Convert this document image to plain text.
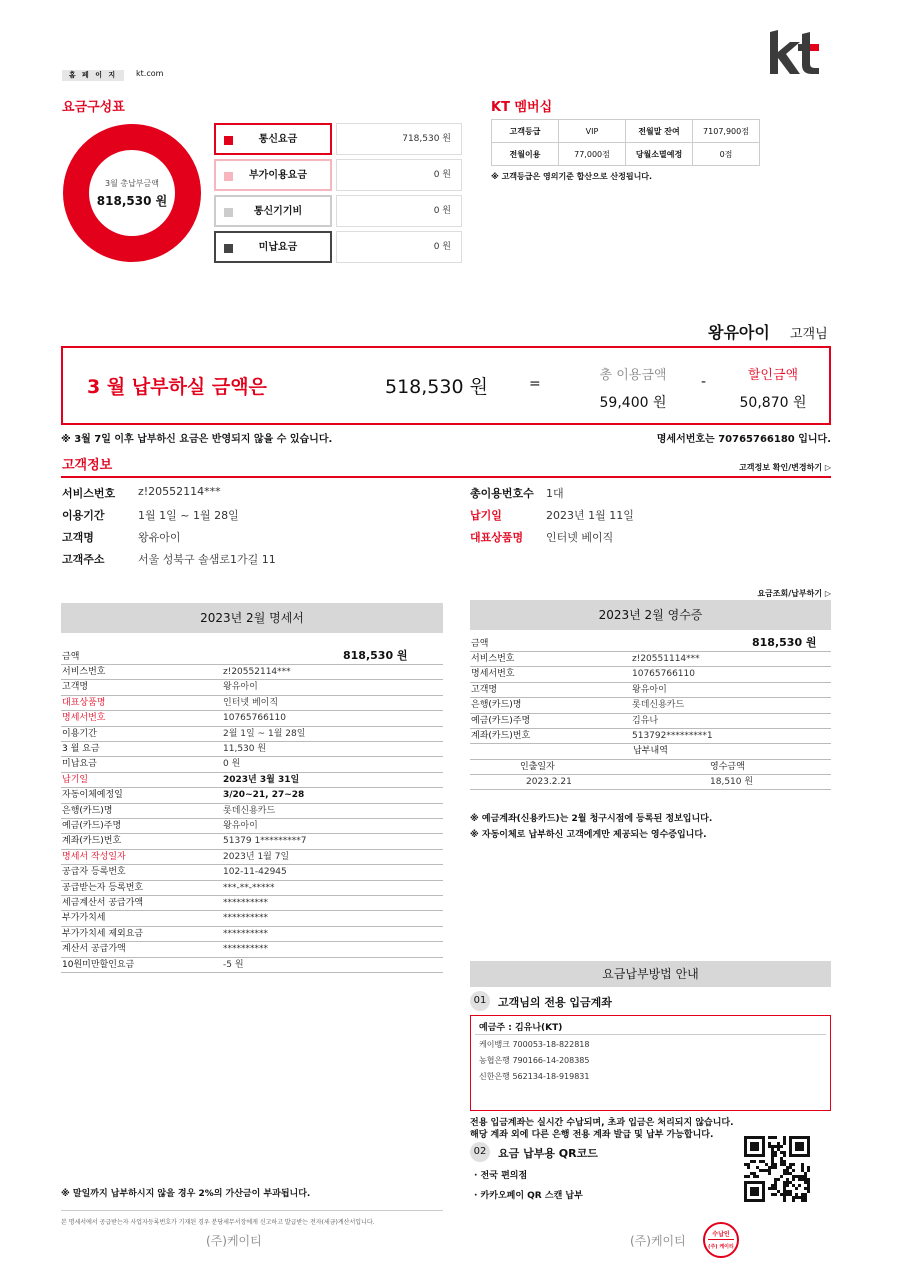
홈 페 이 지	kt.com
요금구성표
3월 총납부금액
818,530 원
통신요금	718,530 원
부가이용요금	0 원
통신기기비	0 원
미납요금	0 원
KT 멤버십
고객등급	VIP	전월말 잔여	7107,900점
전월이용	77,000점	당월소멸예정	0점
※ 고객등급은 영의기준 합산으로 산정됩니다.
왕유아이 고객님
3 월 납부하실 금액은	518,530 원	=
총 이용금액
59,400 원
-	할인금액
50,870 원
※ 3월 7일 이후 납부하신 요금은 반영되지 않을 수 있습니다.	명세서번호는 70765766180 입니다.
고객정보	고객정보 확인/변경하기 ▷
서비스번호 z!20552114***
이용기간	1월 1일 ~ 1월 28일
고객명	왕유아이
고객주소	서울 성북구 솔샘로1가길 11
총이용번호수 1대
납기일	2023년 1월 11일
대표상품명 인터넷 베이직
요금조회/납부하기 ▷
2023년 2월 명세서
금액	818,530 원
서비스번호	z!20552114***
고객명	왕유아이
대표상품명	인터넷 베이직
명세서번호	10765766110
이용기간	2월 1일 ~ 1월 28일
3 월 요금	11,530 원
미납요금	0 원
납기일	2023년 3월 31일
자동이체예정일	3/20~21, 27~28
은행(카드)명	롯데신용카드
예금(카드)주명	왕유아이
계좌(카드)번호	51379 1*********7
명세서 작성일자	2023년 1월 7일
공급자 등록번호	102-11-42945
공급받는자 등록번호	***-**-*****
세금계산서 공급가액	**********
부가가치세	**********
부가가치세 제외요금	**********
계산서 공급가액	**********
10원미만할인요금	-5 원
2023년 2월 영수증
금액	818,530 원
서비스번호	z!20551114***
명세서번호	10765766110
고객명	왕유아이
은행(카드)명	롯데신용카드
예금(카드)주명	김유나
계좌(카드)번호	513792*********1
납부내역
인출일자	영수금액
2023.2.21	18,510 원
※ 예금계좌(신용카드)는 2월 청구시점에 등록된 정보입니다.
※ 자동이체로 납부하신 고객에게만 제공되는 영수증입니다.
요금납부방법 안내
01	고객님의 전용 입금계좌
예금주 : 김유나(KT)
케이뱅크 700053-18-822818
농협은행 790166-14-208385
신한은행 562134-18-919831
전용 입금계좌는 실시간 수납되며, 초과 입금은 처리되지 않습니다.
해당 계좌 외에 다른 은행 전용 계좌 발급 및 납부 가능합니다.
02	요금 납부용 QR코드
· 전국 편의점
· 카카오페이 QR 스캔 납부
※ 말일까지 납부하시지 않을 경우 2%의 가산금이 부과됩니다.
본 명세서에서 공급받는자 사업자등록번호가 기재된 경우 분당세무서장에게 신고하고 발급받는 전자(세금)계산서입니다.
(주)케이티	(주)케이티	수납인
(주) 케이티
